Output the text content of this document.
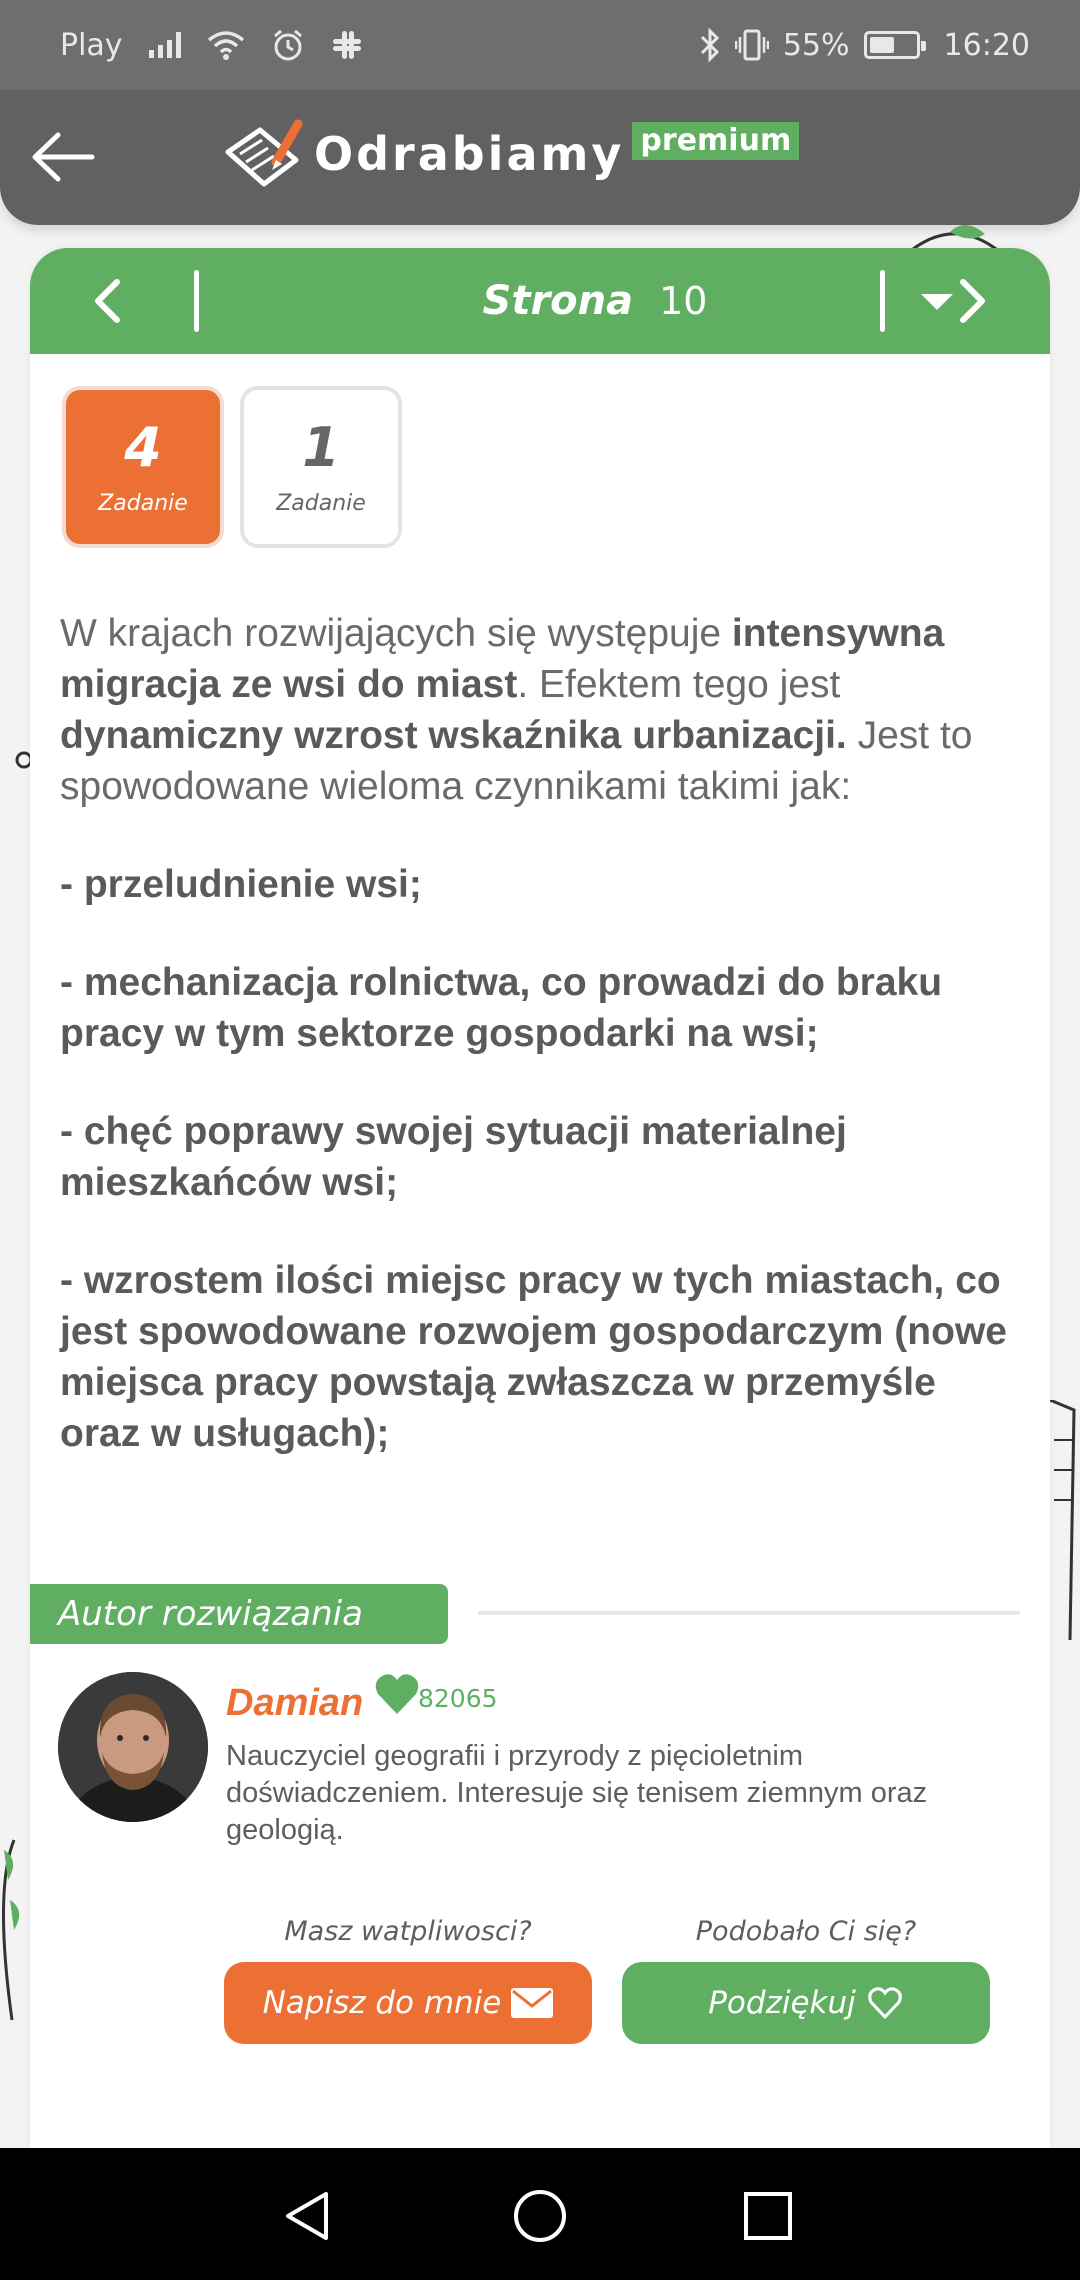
Play	55%	16:20
Odrabiamy premium
Strona 10
4
Zadanie
1
Zadanie

W krajach rozwijających się występuje intensywna migracja ze wsi do miast. Efektem tego jest dynamiczny wzrost wskaźnika urbanizacji. Jest to spowodowane wieloma czynnikami takimi jak:

- przeludnienie wsi;

- mechanizacja rolnictwa, co prowadzi do braku pracy w tym sektorze gospodarki na wsi;

- chęć poprawy swojej sytuacji materialnej mieszkańców wsi;

- wzrostem ilości miejsc pracy w tych miastach, co jest spowodowane rozwojem gospodarczym (nowe miejsca pracy powstają zwłaszcza w przemyśle oraz w usługach);

Autor rozwiązania
Damian 82065

Nauczyciel geografii i przyrody z pięcioletnim doświadczeniem. Interesuje się tenisem ziemnym oraz geologią.

Masz watpliwosci?	Podobało Ci się?
Napisz do mnie	Podziękuj
